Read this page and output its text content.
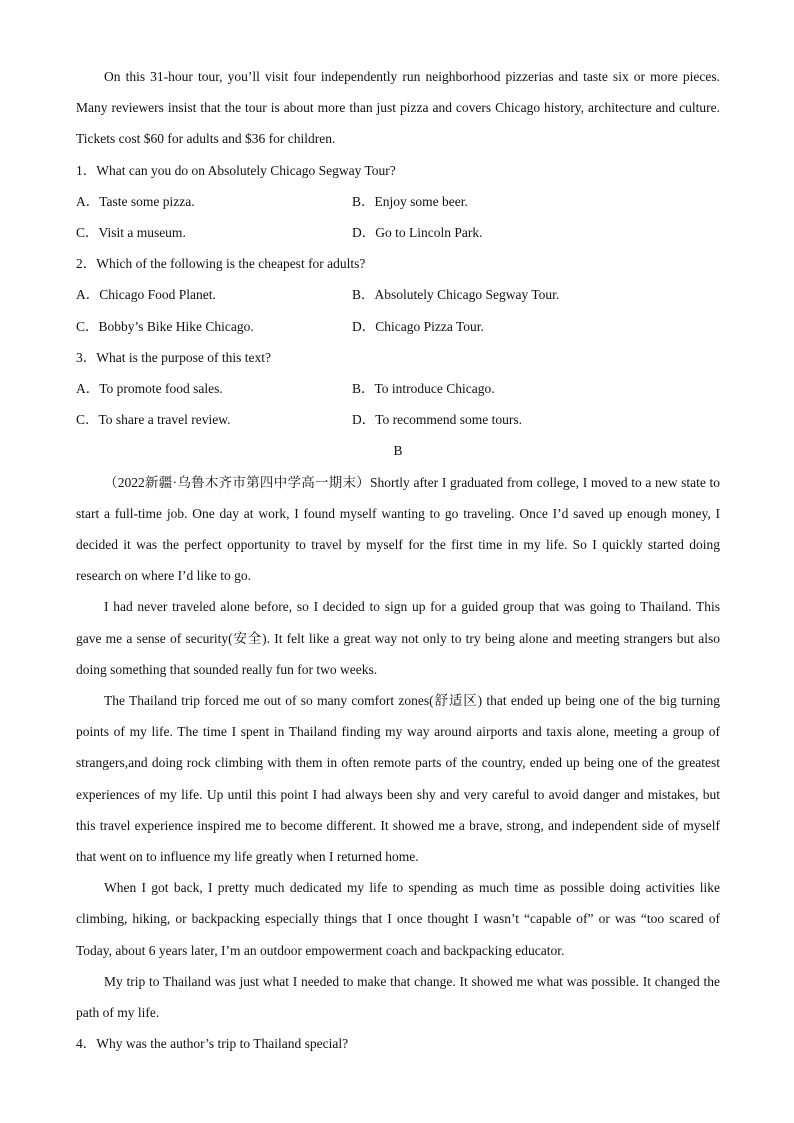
On this 31-hour tour, you’ll visit four independently run neighborhood pizzerias and taste six or more pieces. Many reviewers insist that the tour is about more than just pizza and covers Chicago history, architecture and culture. Tickets cost $60 for adults and $36 for children.

1．What can you do on Absolutely Chicago Segway Tour?

A．Taste some pizza.	B．Enjoy some beer.
C．Visit a museum.	D．Go to Lincoln Park.

2．Which of the following is the cheapest for adults?

A．Chicago Food Planet.	B．Absolutely Chicago Segway Tour.
C．Bobby’s Bike Hike Chicago.	D．Chicago Pizza Tour.

3．What is the purpose of this text?

A．To promote food sales.	B．To introduce Chicago.
C．To share a travel review.	D．To recommend some tours.

B

（2022新疆·乌鲁木齐市第四中学高一期末）Shortly after I graduated from college, I moved to a new state to start a full-time job. One day at work, I found myself wanting to go traveling. Once I’d saved up enough money, I decided it was the perfect opportunity to travel by myself for the first time in my life. So I quickly started doing research on where I’d like to go.

I had never traveled alone before, so I decided to sign up for a guided group that was going to Thailand. This gave me a sense of security(安全). It felt like a great way not only to try being alone and meeting strangers but also doing something that sounded really fun for two weeks.

The Thailand trip forced me out of so many comfort zones(舒适区) that ended up being one of the big turning points of my life. The time I spent in Thailand finding my way around airports and taxis alone, meeting a group of strangers,and doing rock climbing with them in often remote parts of the country, ended up being one of the greatest experiences of my life. Up until this point I had always been shy and very careful to avoid danger and mistakes, but this travel experience inspired me to become different. It showed me a brave, strong, and independent side of myself that went on to influence my life greatly when I returned home.

When I got back, I pretty much dedicated my life to spending as much time as possible doing activities like climbing, hiking, or backpacking especially things that I once thought I wasn’t “capable of” or was “too scared of Today, about 6 years later, I’m an outdoor empowerment coach and backpacking educator.

My trip to Thailand was just what I needed to make that change. It showed me what was possible. It changed the path of my life.

4．Why was the author’s trip to Thailand special?
